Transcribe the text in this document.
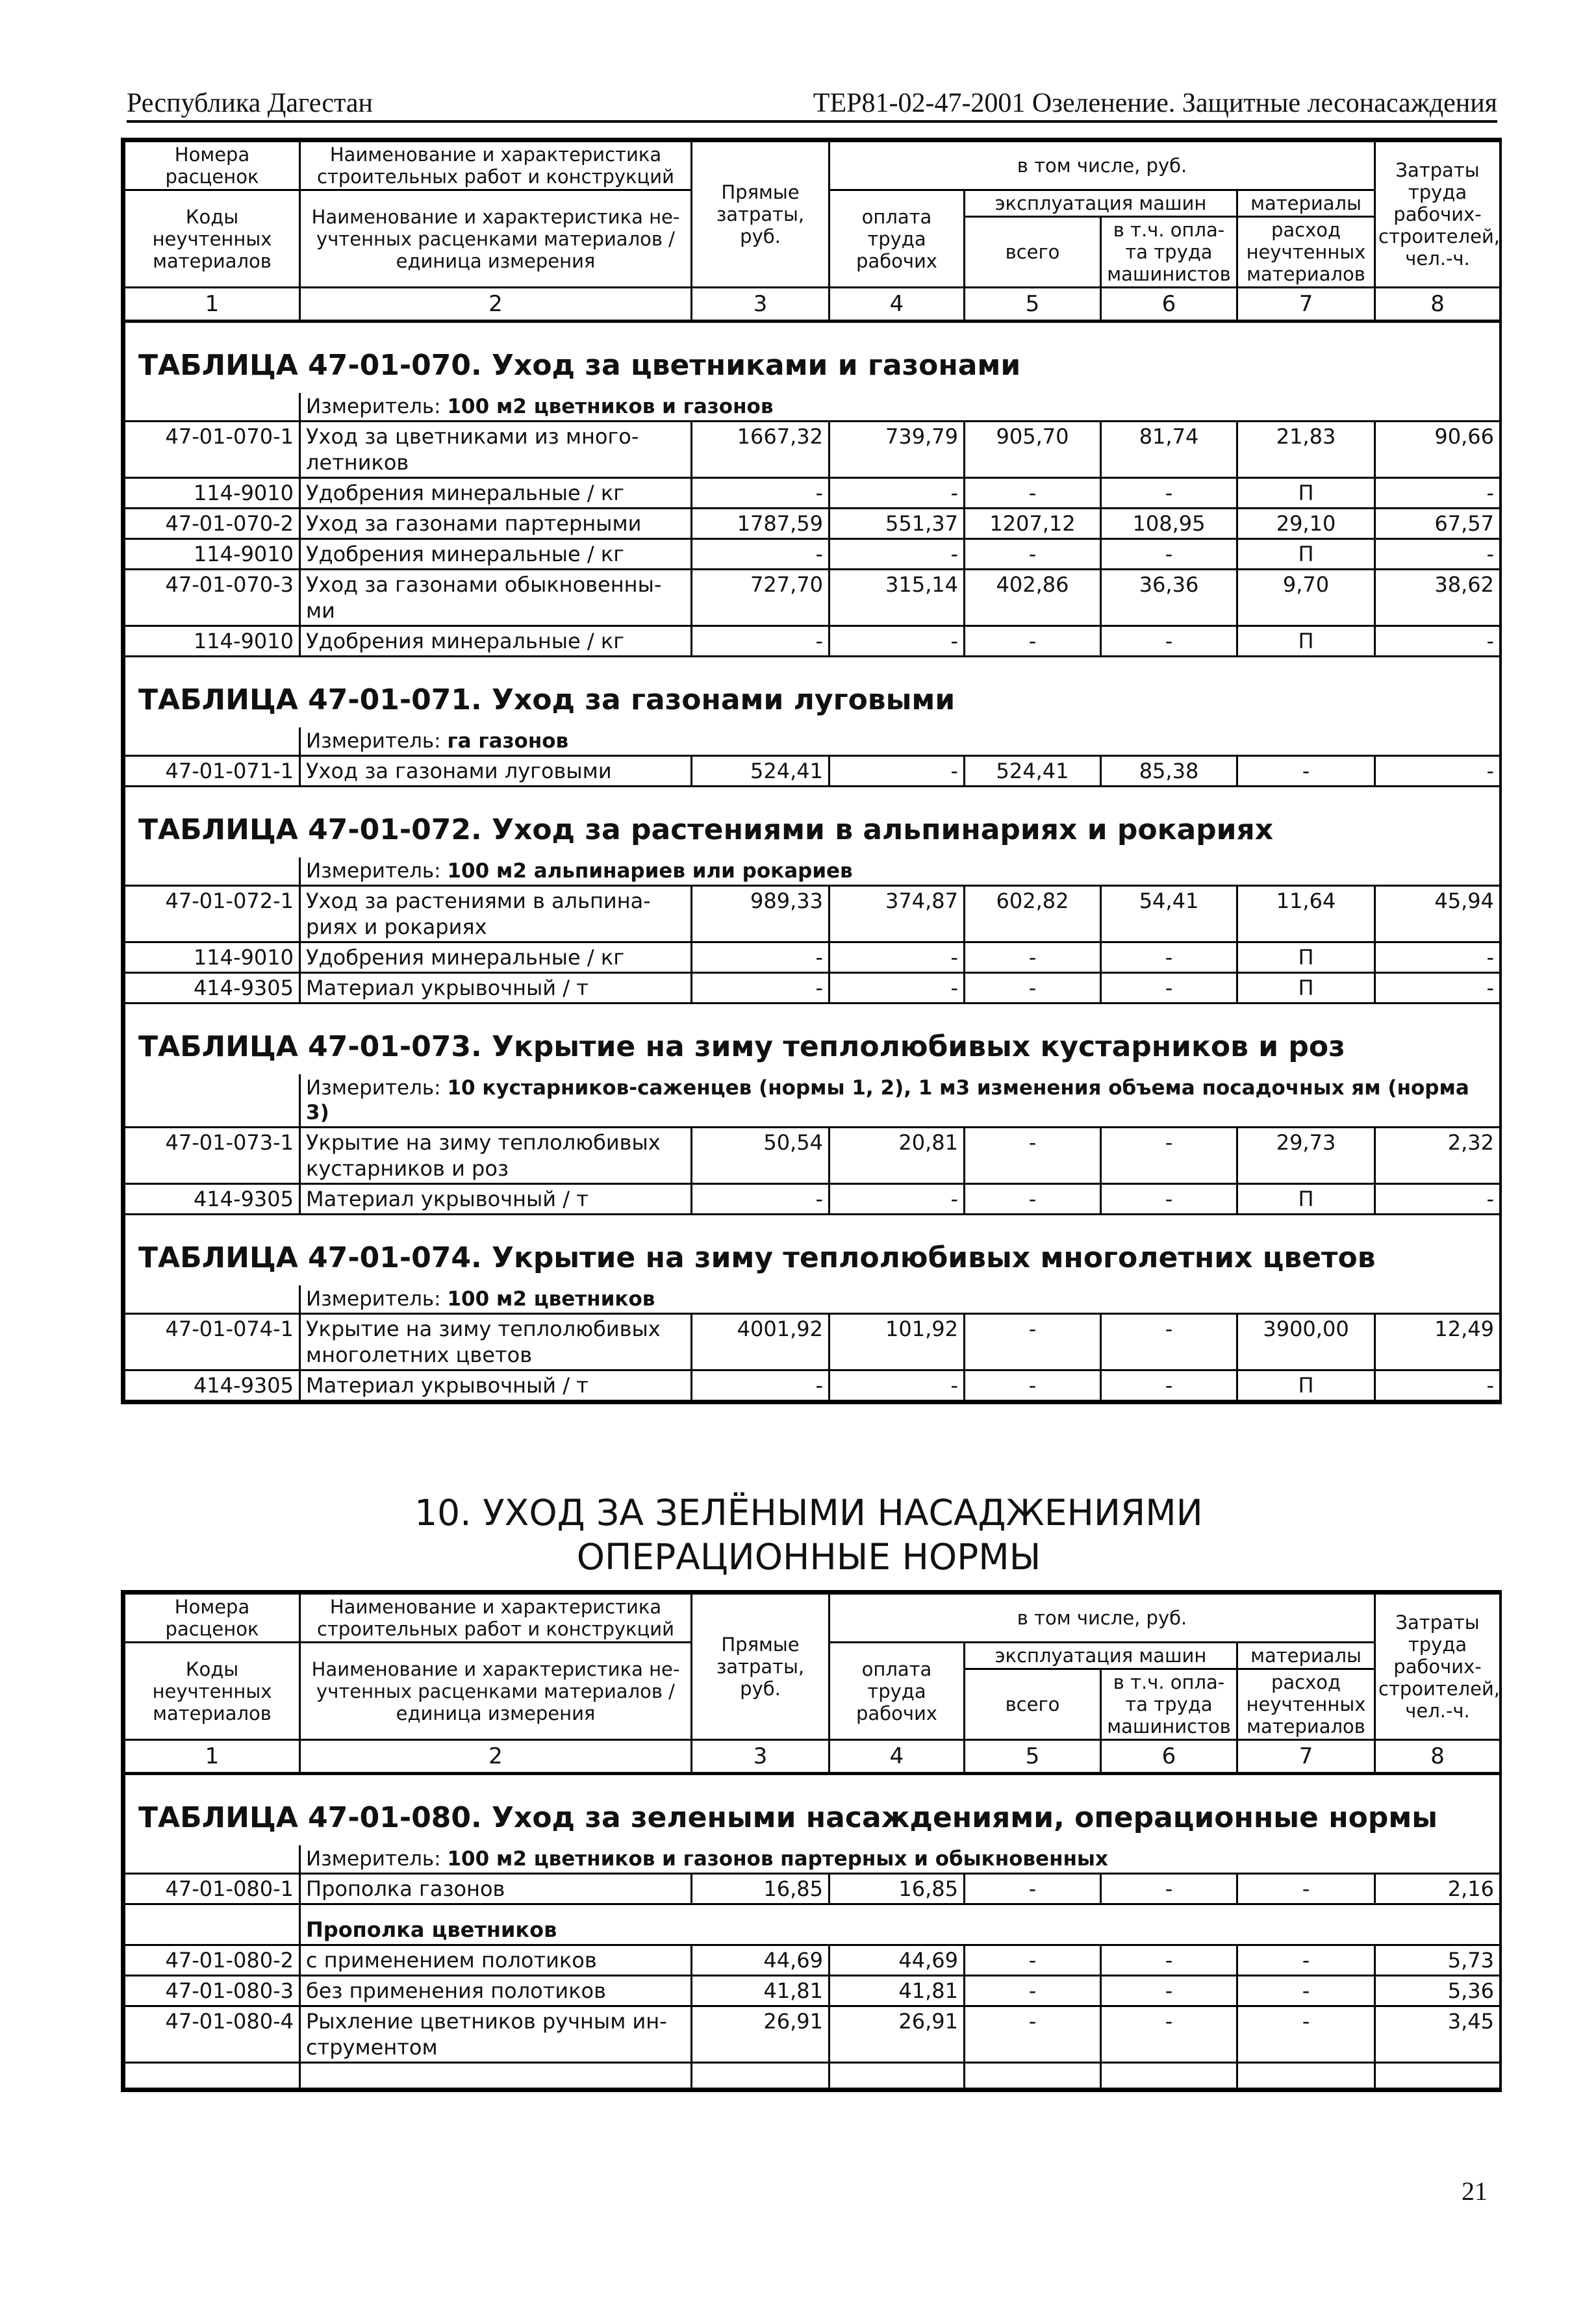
Республика Дагестан	ТЕР81-02-47-2001 Озеленение. Защитные лесонасаждения
Номера расценок	Наименование и характеристика строительных работ и конструкций	Прямые затраты, руб.	в том числе, руб.				Затраты труда рабочих-строителей, чел.-ч.
Коды неучтенных материалов	Наименование и характеристика не-учтенных расценками материалов / единица измерения		оплата труда рабочих	эксплуатация машин		материалы	
				всего	в т.ч. опла-та труда машинистов	расход неучтенных материалов	
1	2	3	4	5	6	7	8
ТАБЛИЦА 47-01-070. Уход за цветниками и газонами							
	Измеритель: 100 м2 цветников и газонов						
47-01-070-1	Уход за цветниками из много-летников	1667,32	739,79	905,70	81,74	21,83	90,66
114-9010	Удобрения минеральные / кг	-	-	-	-	П	-
47-01-070-2	Уход за газонами партерными	1787,59	551,37	1207,12	108,95	29,10	67,57
114-9010	Удобрения минеральные / кг	-	-	-	-	П	-
47-01-070-3	Уход за газонами обыкновенны-ми	727,70	315,14	402,86	36,36	9,70	38,62
114-9010	Удобрения минеральные / кг	-	-	-	-	П	-
ТАБЛИЦА 47-01-071. Уход за газонами луговыми							
	Измеритель: га газонов						
47-01-071-1	Уход за газонами луговыми	524,41	-	524,41	85,38	-	-
ТАБЛИЦА 47-01-072. Уход за растениями в альпинариях и рокариях							
	Измеритель: 100 м2 альпинариев или рокариев						
47-01-072-1	Уход за растениями в альпина-риях и рокариях	989,33	374,87	602,82	54,41	11,64	45,94
114-9010	Удобрения минеральные / кг	-	-	-	-	П	-
414-9305	Материал укрывочный / т	-	-	-	-	П	-
ТАБЛИЦА 47-01-073. Укрытие на зиму теплолюбивых кустарников и роз							
	Измеритель: 10 кустарников-саженцев (нормы 1, 2), 1 м3 изменения объема посадочных ям (норма 3)						
47-01-073-1	Укрытие на зиму теплолюбивых кустарников и роз	50,54	20,81	-	-	29,73	2,32
414-9305	Материал укрывочный / т	-	-	-	-	П	-
ТАБЛИЦА 47-01-074. Укрытие на зиму теплолюбивых многолетних цветов							
	Измеритель: 100 м2 цветников						
47-01-074-1	Укрытие на зиму теплолюбивых многолетних цветов	4001,92	101,92	-	-	3900,00	12,49
414-9305	Материал укрывочный / т	-	-	-	-	П	-
10. УХОД ЗА ЗЕЛЁНЫМИ НАСАДЖЕНИЯМИ
ОПЕРАЦИОННЫЕ НОРМЫ
Номера расценок	Наименование и характеристика строительных работ и конструкций	Прямые затраты, руб.	в том числе, руб.				Затраты труда рабочих-строителей, чел.-ч.
Коды неучтенных материалов	Наименование и характеристика не-учтенных расценками материалов / единица измерения		оплата труда рабочих	эксплуатация машин		материалы	
				всего	в т.ч. опла-та труда машинистов	расход неучтенных материалов	
1	2	3	4	5	6	7	8
ТАБЛИЦА 47-01-080. Уход за зелеными насаждениями, операционные нормы							
	Измеритель: 100 м2 цветников и газонов партерных и обыкновенных						
47-01-080-1	Прополка газонов	16,85	16,85	-	-	-	2,16
	Прополка цветников						
47-01-080-2	с применением полотиков	44,69	44,69	-	-	-	5,73
47-01-080-3	без применения полотиков	41,81	41,81	-	-	-	5,36
47-01-080-4	Рыхление цветников ручным ин-струментом	26,91	26,91	-	-	-	3,45

21
